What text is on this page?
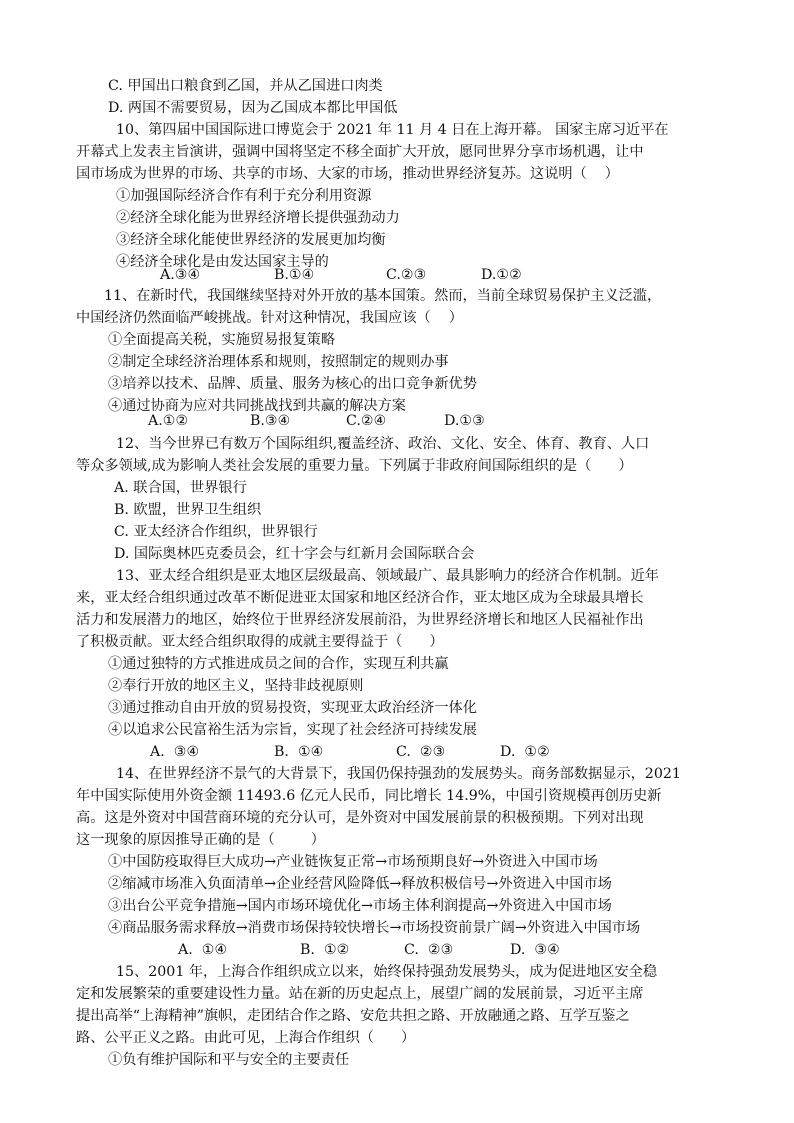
C. 甲国出口粮食到乙国，并从乙国进口肉类
D. 两国不需要贸易，因为乙国成本都比甲国低
10、第四届中国国际进口博览会于 2021 年 11 月 4 日在上海开幕。 国家主席习近平在
开幕式上发表主旨演讲，强调中国将坚定不移全面扩大开放，愿同世界分享市场机遇，让中
国市场成为世界的市场、共享的市场、大家的市场，推动世界经济复苏。这说明（    ）
①加强国际经济合作有利于充分利用资源
②经济全球化能为世界经济增长提供强劲动力
③经济全球化能使世界经济的发展更加均衡
④经济全球化是由发达国家主导的

A.③④

	B.①④

	C.②③

	D.①②

11、在新时代，我国继续坚持对外开放的基本国策。然而，当前全球贸易保护主义泛滥，
中国经济仍然面临严峻挑战。针对这种情况，我国应该（    ）
①全面提高关税，实施贸易报复策略
②制定全球经济治理体系和规则，按照制定的规则办事
③培养以技术、品牌、质量、服务为核心的出口竞争新优势
④通过协商为应对共同挑战找到共赢的解决方案

A.①②

	B.③④

	C.②④

	D.①③

12、当今世界已有数万个国际组织,覆盖经济、政治、文化、安全、体育、教育、人口
等众多领域,成为影响人类社会发展的重要力量。下列属于非政府间国际组织的是（      ）
A. 联合国，世界银行
B. 欧盟，世界卫生组织
C. 亚太经济合作组织，世界银行
D. 国际奥林匹克委员会，红十字会与红新月会国际联合会
13、亚太经合组织是亚太地区层级最高、领域最广、最具影响力的经济合作机制。近年
来，亚太经合组织通过改革不断促进亚太国家和地区经济合作，亚太地区成为全球最具增长
活力和发展潜力的地区，始终位于世界经济发展前沿，为世界经济增长和地区人民福祉作出
了积极贡献。亚太经合组织取得的成就主要得益于（      ）
①通过独特的方式推进成员之间的合作，实现互利共赢
②奉行开放的地区主义，坚持非歧视原则
③通过推动自由开放的贸易投资，实现亚太政治经济一体化
④以追求公民富裕生活为宗旨，实现了社会经济可持续发展

A.  ③④

	B.  ①④

	C.  ②③

	D.  ①②

14、在世界经济不景气的大背景下，我国仍保持强劲的发展势头。商务部数据显示，2021
年中国实际使用外资金额 11493.6 亿元人民币，同比增长 14.9%，中国引资规模再创历史新
高。这是外资对中国营商环境的充分认可，是外资对中国发展前景的积极预期。下列对出现
这一现象的原因推导正确的是（        ）
①中国防疫取得巨大成功→产业链恢复正常→市场预期良好→外资进入中国市场
②缩减市场准入负面清单→企业经营风险降低→释放积极信号→外资进入中国市场
③出台公平竞争措施→国内市场环境优化→市场主体利润提高→外资进入中国市场
④商品服务需求释放→消费市场保持较快增长→市场投资前景广阔→外资进入中国市场

A.  ①④

	B.  ①②

	C.  ②③

	D.  ③④

15、2001 年，上海合作组织成立以来，始终保持强劲发展势头，成为促进地区安全稳
定和发展繁荣的重要建设性力量。站在新的历史起点上，展望广阔的发展前景，习近平主席
提出高举“上海精神”旗帜，走团结合作之路、安危共担之路、开放融通之路、互学互鉴之
路、公平正义之路。由此可见，上海合作组织（      ）
①负有维护国际和平与安全的主要责任
